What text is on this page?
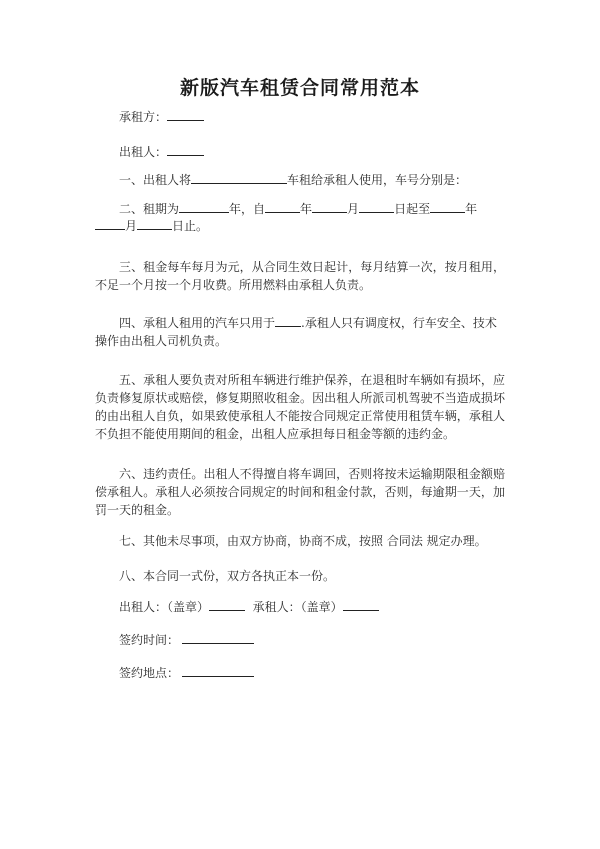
新版汽车租赁合同常用范本
承租方：
出租人：
一、出租人将	车租给承租人使用，车号分别是：
二、租期为	年，自	年	月	日起至	年
月	日止。
三、租金每车每月为元，从合同生效日起计，每月结算一次，按月租用，
不足一个月按一个月收费。所用燃料由承租人负责。
四、承租人租用的汽车只用于 .承租人只有调度权，行车安全、技术
操作由出租人司机负责。
五、承租人要负责对所租车辆进行维护保养，在退租时车辆如有损坏，应
负责修复原状或赔偿，修复期照收租金。因出租人所派司机驾驶不当造成损坏
的由出租人自负，如果致使承租人不能按合同规定正常使用租赁车辆，承租人
不负担不能使用期间的租金，出租人应承担每日租金等额的违约金。
六、违约责任。出租人不得擅自将车调回，否则将按未运输期限租金额赔
偿承租人。承租人必须按合同规定的时间和租金付款，否则，每逾期一天，加
罚一天的租金。
七、其他未尽事项，由双方协商，协商不成，按照 合同法 规定办理。
八、本合同一式份，双方各执正本一份。
出租人：（盖章）	承租人：（盖章）
签约时间：
签约地点：
